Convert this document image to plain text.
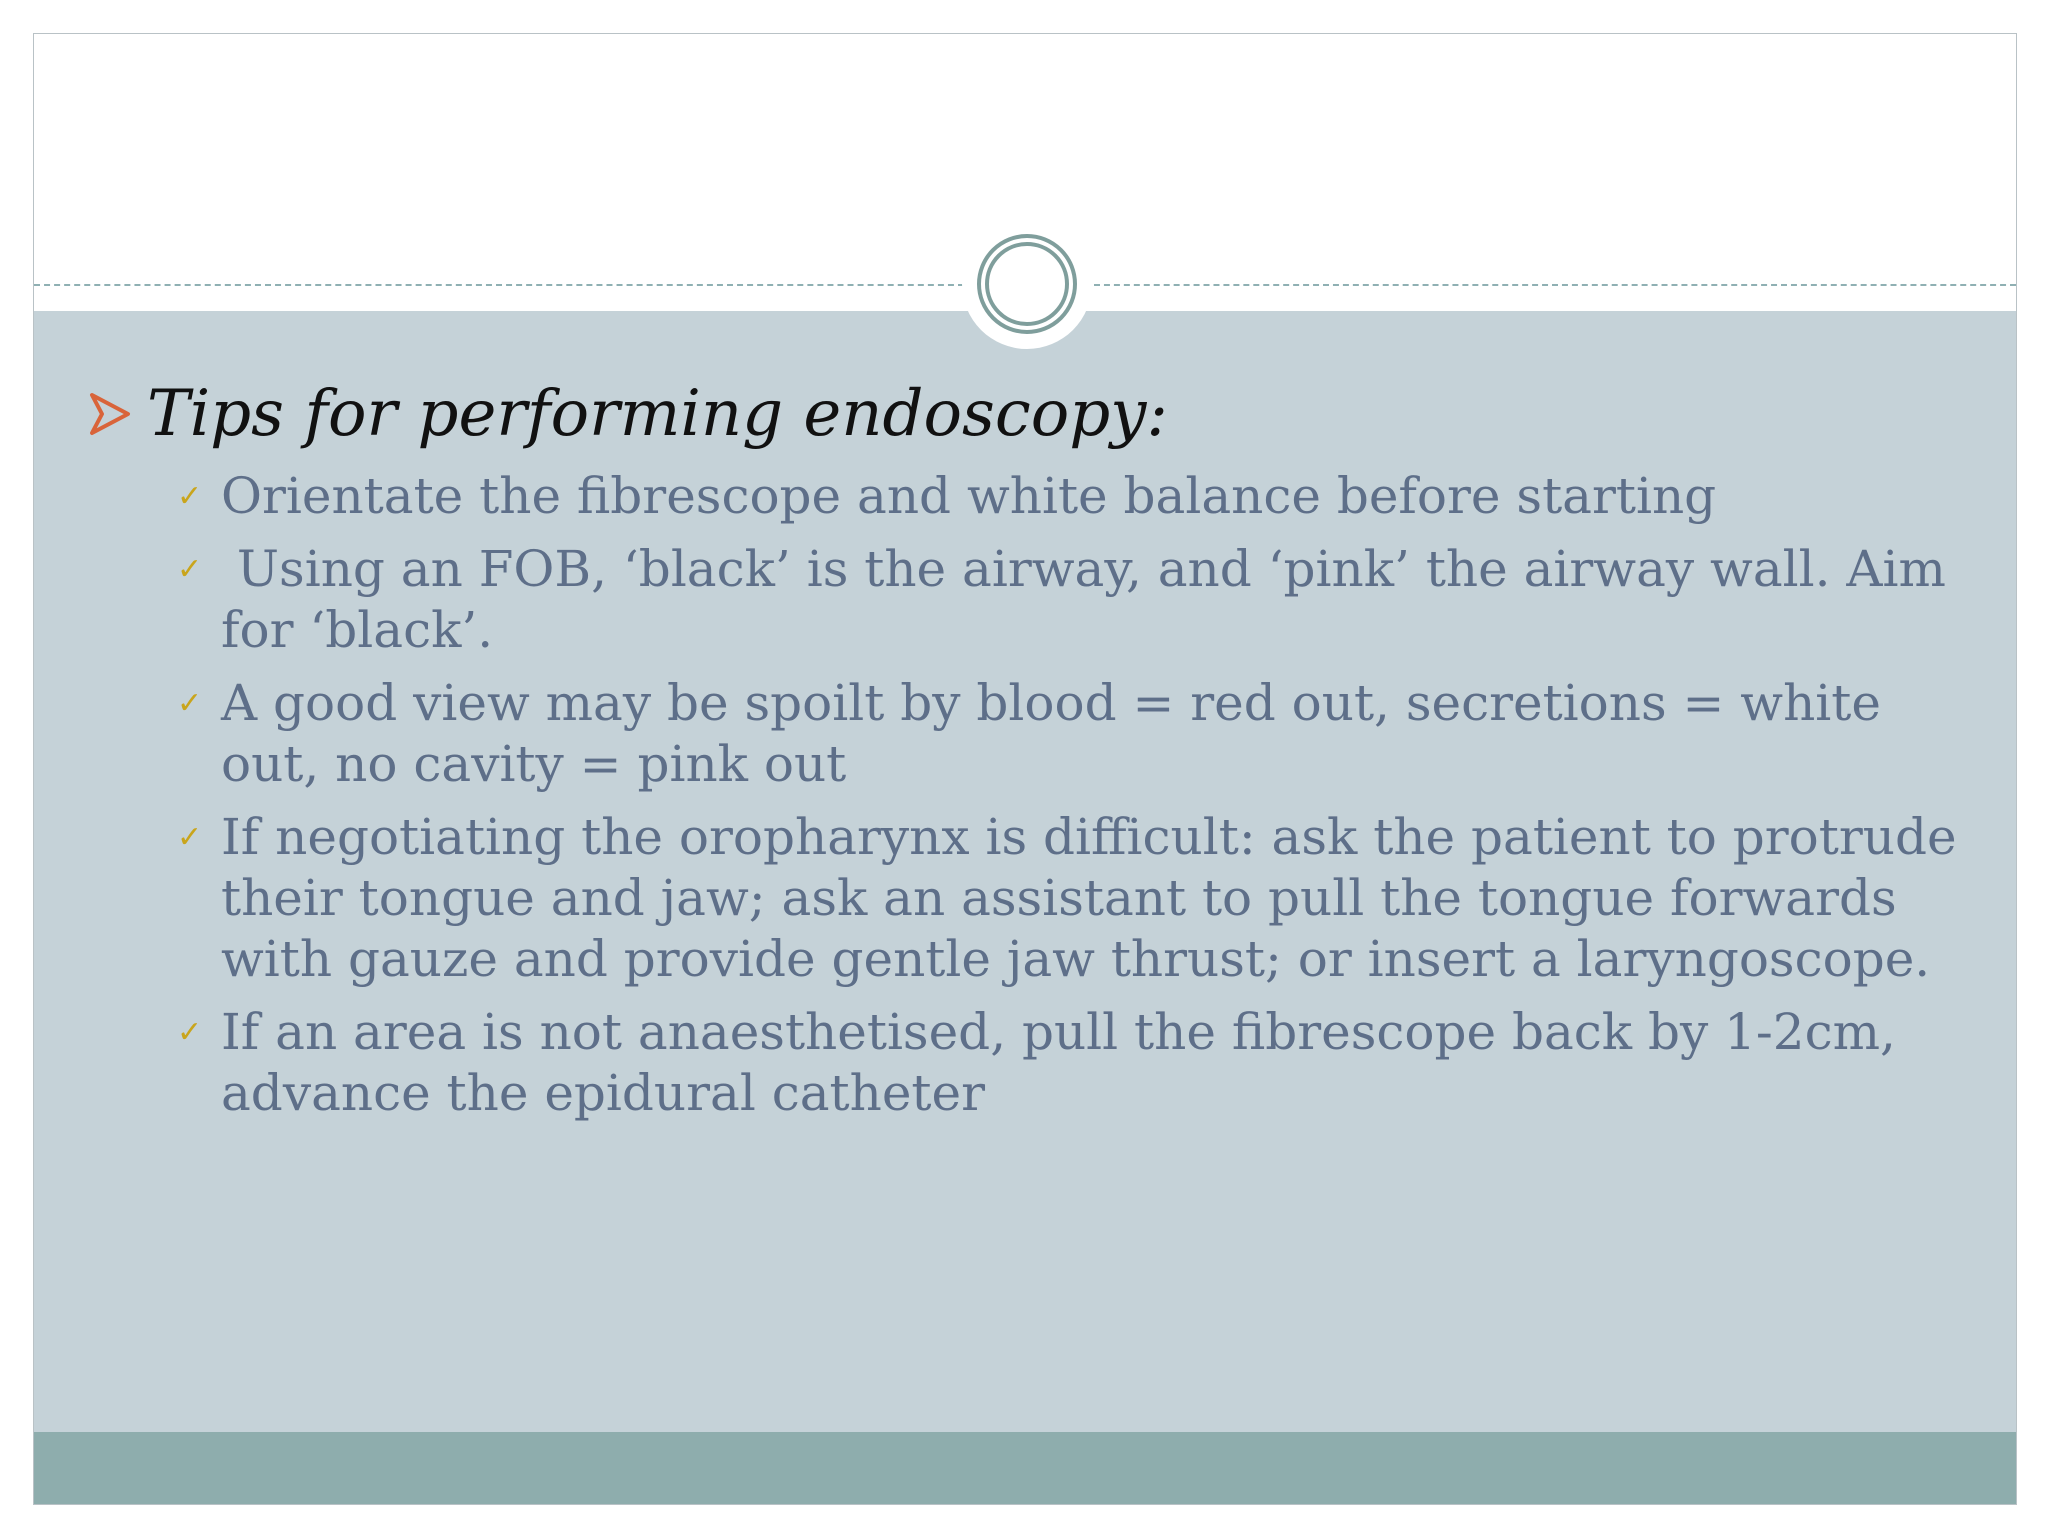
Tips for performing endoscopy:
✓ Orientate the fibrescope and white balance before starting
✓ Using an FOB, ‘black’ is the airway, and ‘pink’ the airway wall. Aim for ‘black’.
✓ A good view may be spoilt by blood = red out, secretions = white out, no cavity = pink out
✓ If negotiating the oropharynx is difficult: ask the patient to protrude their tongue and jaw; ask an assistant to pull the tongue forwards with gauze and provide gentle jaw thrust; or insert a laryngoscope.
✓ If an area is not anaesthetised, pull the fibrescope back by 1-2cm, advance the epidural catheter
